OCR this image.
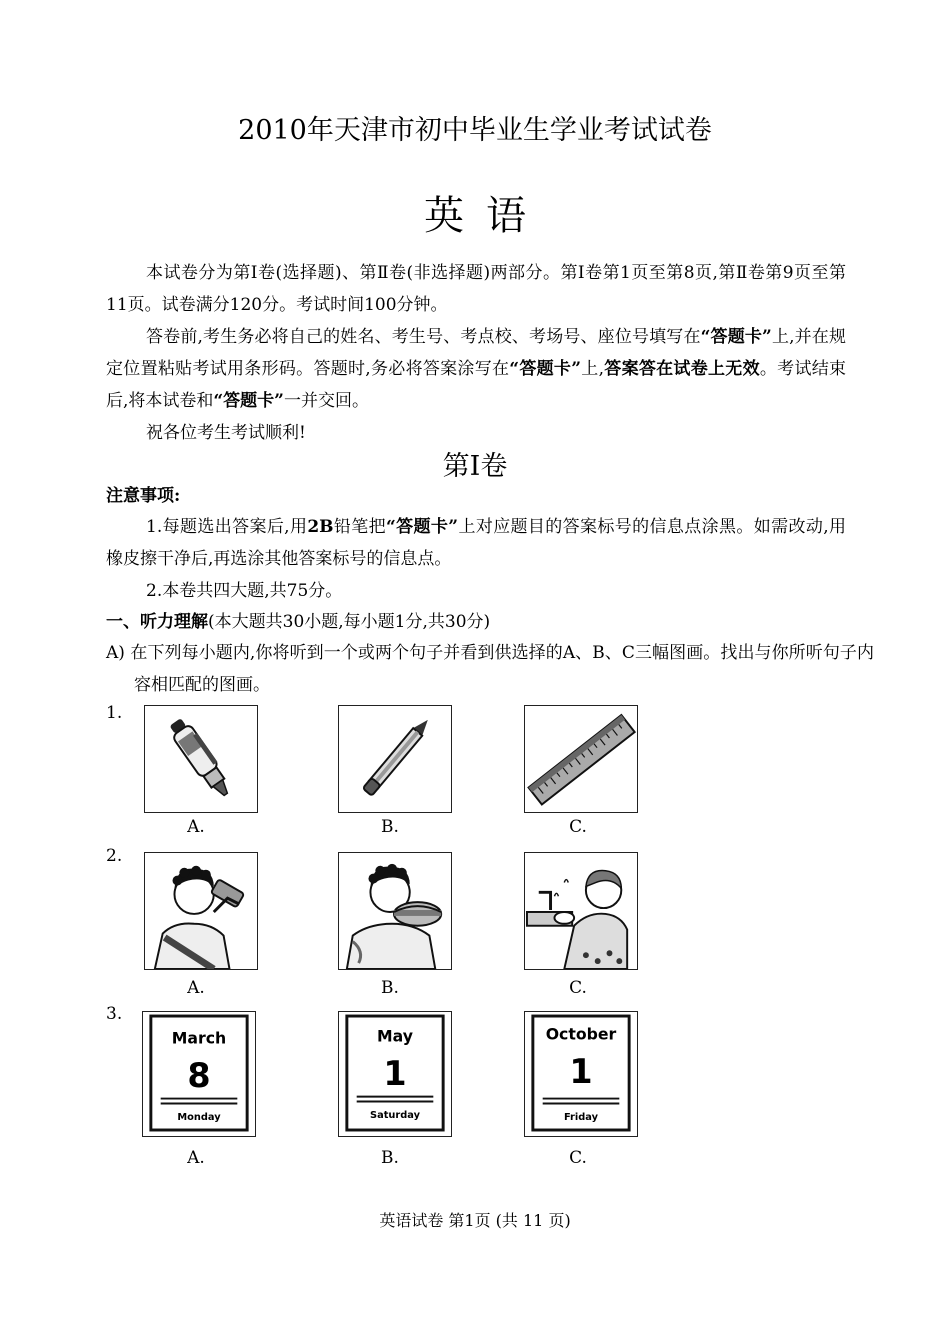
2010年天津市初中毕业生学业考试试卷
英语
本试卷分为第Ⅰ卷(选择题)、第Ⅱ卷(非选择题)两部分。第Ⅰ卷第1页至第8页,第Ⅱ卷第9页至第11页。试卷满分120分。考试时间100分钟。
答卷前,考生务必将自己的姓名、考生号、考点校、考场号、座位号填写在“答题卡”上,并在规定位置粘贴考试用条形码。答题时,务必将答案涂写在“答题卡”上,答案答在试卷上无效。考试结束后,将本试卷和“答题卡”一并交回。
祝各位考生考试顺利!
第Ⅰ卷
注意事项:
1.每题选出答案后,用2B铅笔把“答题卡”上对应题目的答案标号的信息点涂黑。如需改动,用橡皮擦干净后,再选涂其他答案标号的信息点。
2.本卷共四大题,共75分。
一、听力理解(本大题共30小题,每小题1分,共30分)
A) 在下列每小题内,你将听到一个或两个句子并看到供选择的A、B、C三幅图画。找出与你所听句子内容相匹配的图画。
1.
A.	B.	C.
2.
A.	B.	C.
3.
March
8
Monday
May
1
Saturday
October
1
Friday
A.	B.	C.
英语试卷 第1页 (共 11 页)
